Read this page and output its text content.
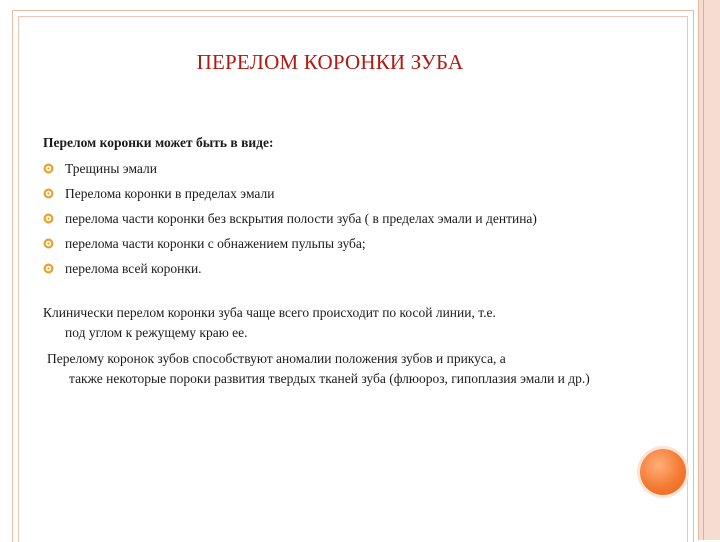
ПЕРЕЛОМ КОРОНКИ ЗУБА

Перелом коронки может быть в виде:

Трещины эмали
Перелома коронки в пределах эмали
перелома части коронки без вскрытия полости зуба ( в пределах эмали и дентина)
перелома части коронки с обнажением пульпы зуба;
перелома всей коронки.

Клинически перелом коронки зуба чаще всего происходит по косой линии, т.е.
под углом к режущему краю ее.

Перелому коронок зубов способствуют аномалии положения зубов и прикуса, а
также некоторые пороки развития твердых тканей зуба (флюороз, гипоплазия эмали и др.)
